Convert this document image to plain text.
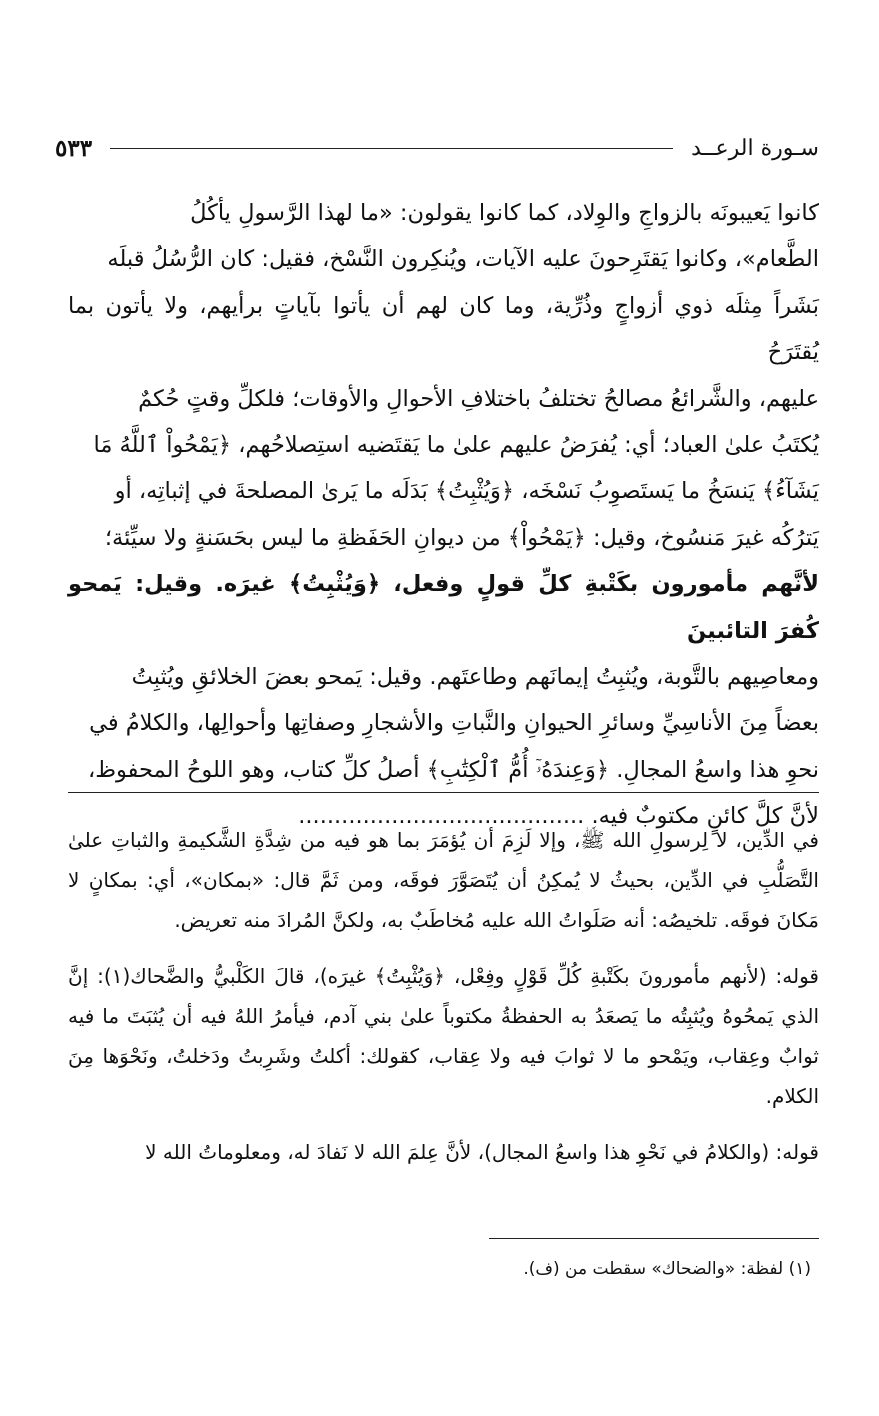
سـورة الرعــد
٥٣٣
كانوا يَعيبونَه بالزواجِ والوِلاد، كما كانوا يقولون: «ما لهذا الرَّسولِ يأكُلُ
الطَّعام»، وكانوا يَقتَرِحونَ عليه الآيات، ويُنكِرون النَّسْخ، فقيل: كان الرُّسُلُ قبلَه
بَشَراً مِثلَه ذوي أزواجٍ وذُرِّية، وما كان لهم أن يأتوا بآياتٍ برأيهم، ولا يأتون بما يُقتَرَحُ
عليهم، والشَّرائعُ مصالحُ تختلفُ باختلافِ الأحوالِ والأوقات؛ فلكلِّ وقتٍ حُكمٌ
يُكتَبُ علىٰ العباد؛ أي: يُفرَضُ عليهم علىٰ ما يَقتَضيه استِصلاحُهم، ﴿يَمْحُواْ ٱللَّهُ مَا
يَشَآءُ﴾ يَنسَخُ ما يَستَصوِبُ نَسْخَه، ﴿وَيُثْبِتُ﴾ بَدَلَه ما يَرىٰ المصلحةَ في إثباتِه، أو
يَترُكُه غيرَ مَنسُوخ، وقيل: ﴿يَمْحُواْ﴾ من ديوانِ الحَفَظةِ ما ليس بحَسَنةٍ ولا سيِّئة؛
لأنَّهم مأمورون بكَتْبةِ كلِّ قولٍ وفعل، ﴿وَيُثْبِتُ﴾ غيرَه. وقيل: يَمحو كُفرَ التائبينَ
ومعاصِيهم بالتَّوبة، ويُثبِتُ إيمانَهم وطاعتَهم. وقيل: يَمحو بعضَ الخلائقِ ويُثبِتُ
بعضاً مِنَ الأناسِيِّ وسائرِ الحيوانِ والنَّباتِ والأشجارِ وصفاتِها وأحوالِها، والكلامُ في
نحوِ هذا واسعُ المجالِ. ﴿وَعِندَهُۥٓ أُمُّ ٱلْكِتَٰبِ﴾ أصلُ كلِّ كتاب، وهو اللوحُ المحفوظ،
لأنَّ كلَّ كائنٍ مكتوبٌ فيه. ........................................

في الدِّين، لا لِرسولِ الله ﷺ، وإلا لَزِمَ أن يُؤمَرَ بما هو فيه من شِدَّةِ الشَّكيمةِ والثباتِ علىٰ التَّصَلُّبِ في الدِّين، بحيثُ لا يُمكِنُ أن يُتَصَوَّرَ فوقَه، ومن ثَمَّ قال: «بمكان»، أي: بمكانٍ لا مَكانَ فوقَه. تلخيصُه: أنه صَلَواتُ الله عليه مُخاطَبٌ به، ولكنَّ المُرادَ منه تعريض.

قوله: (لأنهم مأمورونَ بكَتْبةِ كُلِّ قَوْلٍ وفِعْل، ﴿وَيُثْبِتُ﴾ غيرَه)، قالَ الكَلْبيُّ والضَّحاك(١): إنَّ الذي يَمحُوهُ ويُثبِتُه ما يَصعَدُ به الحفظةُ مكتوباً علىٰ بني آدم، فيأمرُ اللهُ فيه أن يُثبَتَ ما فيه ثوابٌ وعِقاب، ويَمْحو ما لا ثوابَ فيه ولا عِقاب، كقولك: أكلتُ وشَرِبتُ ودَخلتُ، ونَحْوَها مِنَ الكلام.

قوله: (والكلامُ في نَحْوِ هذا واسعُ المجال)، لأنَّ عِلمَ الله لا نَفادَ له، ومعلوماتُ الله لا

(١) لفظة: «والضحاك» سقطت من (ف).
